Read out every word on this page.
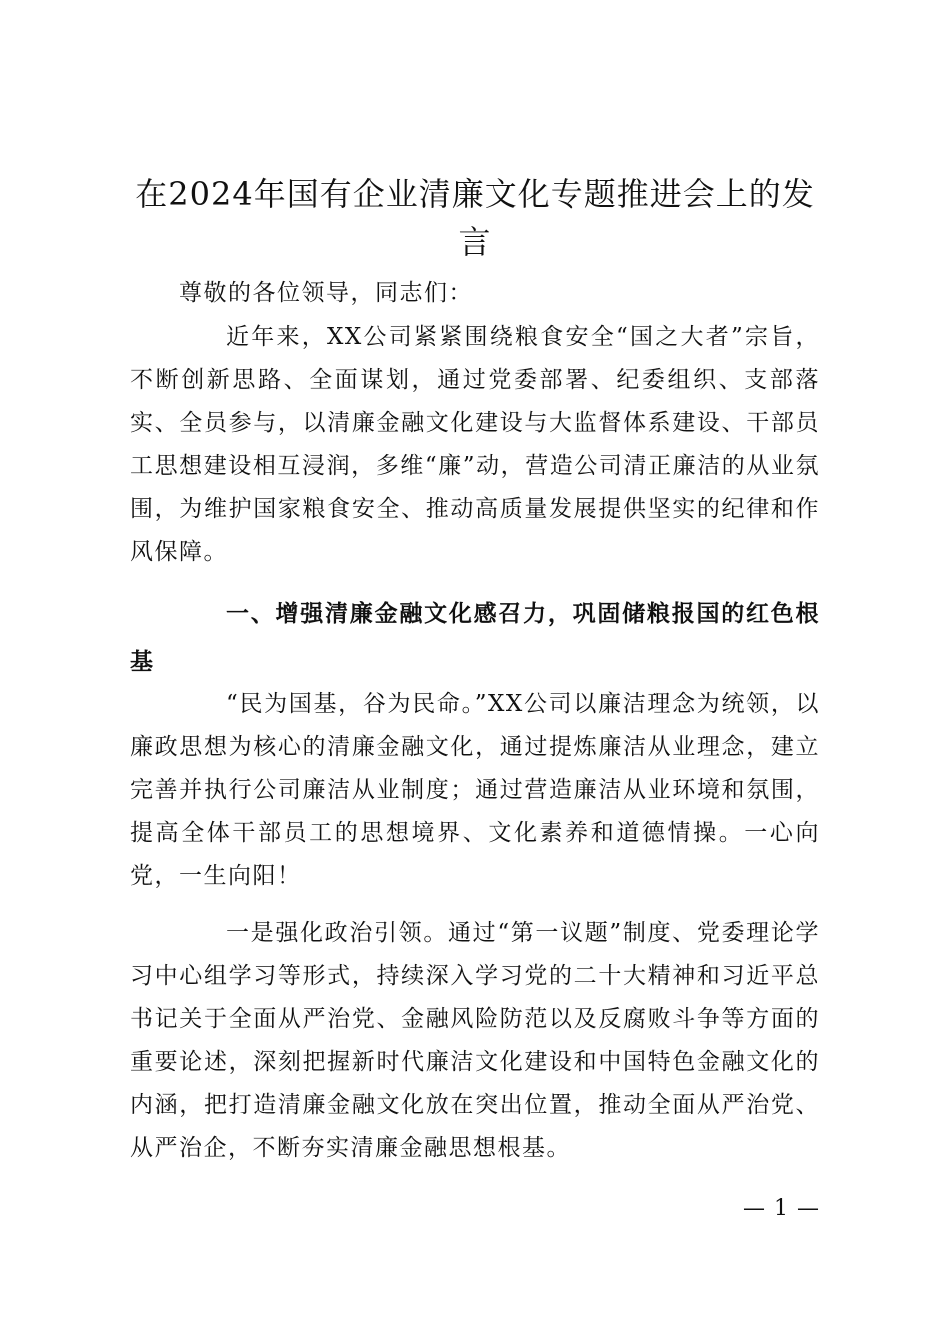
在2024年国有企业清廉文化专题推进会上的发言

尊敬的各位领导，同志们：

近年来，XX公司紧紧围绕粮食安全“国之大者”宗旨，不断创新思路、全面谋划，通过党委部署、纪委组织、支部落实、全员参与，以清廉金融文化建设与大监督体系建设、干部员工思想建设相互浸润，多维“廉”动，营造公司清正廉洁的从业氛围，为维护国家粮食安全、推动高质量发展提供坚实的纪律和作风保障。

一、增强清廉金融文化感召力，巩固储粮报国的红色根基

“民为国基，谷为民命。”XX公司以廉洁理念为统领，以廉政思想为核心的清廉金融文化，通过提炼廉洁从业理念，建立完善并执行公司廉洁从业制度；通过营造廉洁从业环境和氛围，提高全体干部员工的思想境界、文化素养和道德情操。一心向党，一生向阳！

一是强化政治引领。通过“第一议题”制度、党委理论学习中心组学习等形式，持续深入学习党的二十大精神和习近平总书记关于全面从严治党、金融风险防范以及反腐败斗争等方面的重要论述，深刻把握新时代廉洁文化建设和中国特色金融文化的内涵，把打造清廉金融文化放在突出位置，推动全面从严治党、从严治企，不断夯实清廉金融思想根基。

— 1 —
